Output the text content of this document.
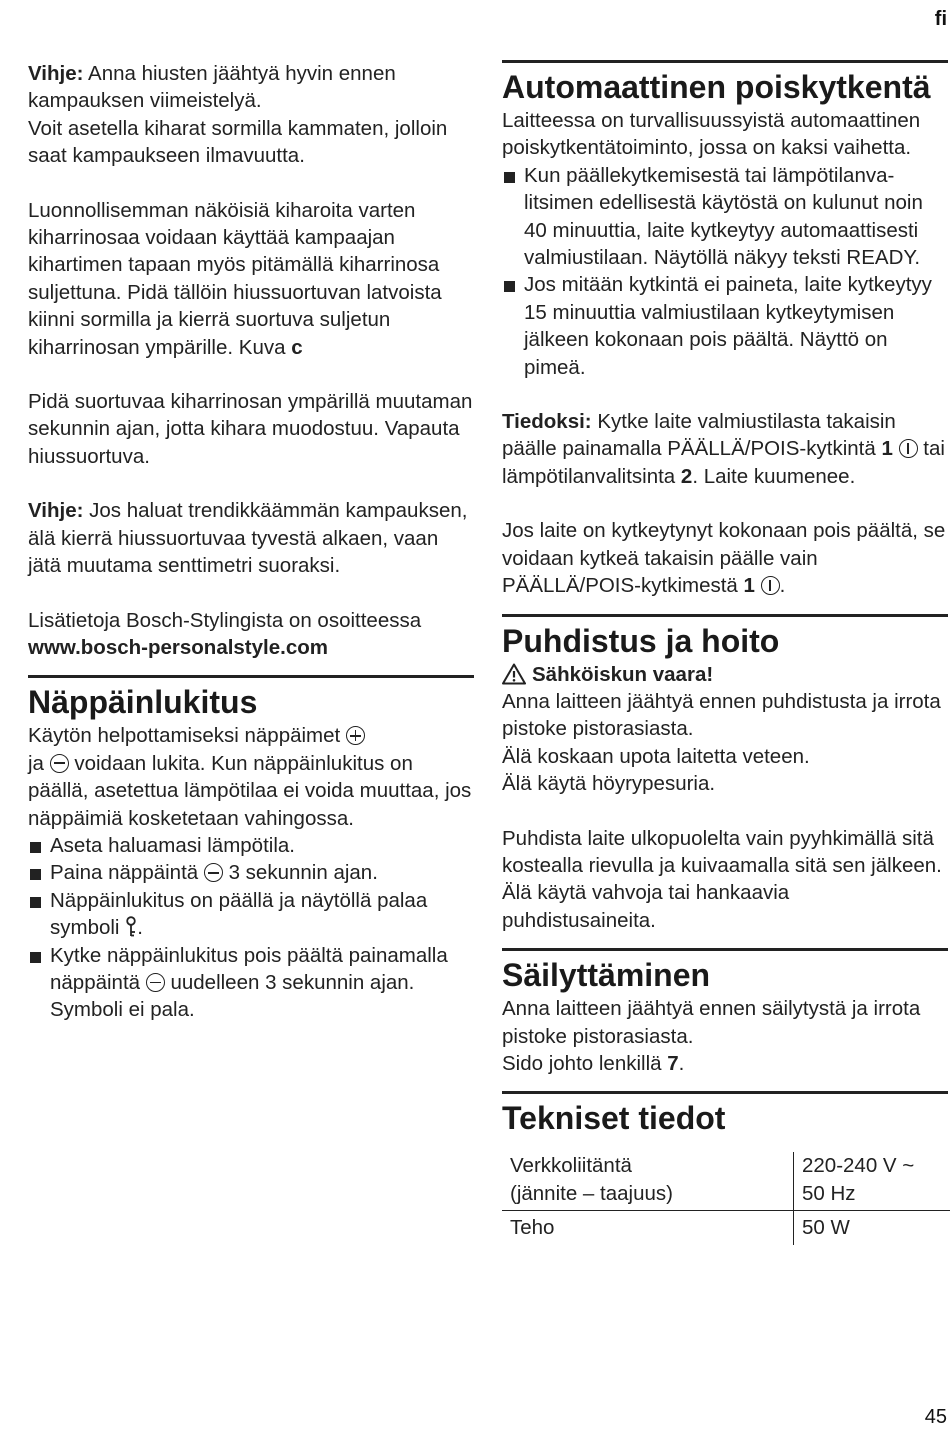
fi

Vihje: Anna hiusten jäähtyä hyvin ennen kampauksen viimeistelyä.
Voit asetella kiharat sormilla kammaten, jolloin saat kampaukseen ilmavuutta.

Luonnollisemman näköisiä kiharoita varten kiharrinosaa voidaan käyttää kampaajan kihartimen tapaan myös pitämällä kiharrinosa suljettuna. Pidä tällöin hiussuortuvan latvoista kiinni sormilla ja kierrä suortuva suljetun kiharrinosan ympärille. Kuva c

Pidä suortuvaa kiharrinosan ympärillä muutaman sekunnin ajan, jotta kihara muodostuu. Vapauta hiussuortuva.

Vihje: Jos haluat trendikkäämmän kampauksen, älä kierrä hiussuortuvaa tyvestä alkaen, vaan jätä muutama senttimetri suoraksi.

Lisätietoja Bosch-Stylingista on osoitteessa
www.bosch-personalstyle.com

Näppäinlukitus

Käytön helpottamiseksi näppäimet
ja  voidaan lukita. Kun näppäinlukitus on päällä, asetettua lämpötilaa ei voida muuttaa, jos näppäimiä kosketetaan vahingossa.

Aseta haluamasi lämpötila.
Paina näppäintä  3 sekunnin ajan.
Näppäinlukitus on päällä ja näytöllä palaa symboli .
Kytke näppäinlukitus pois päältä painamalla näppäintä  uudelleen 3 sekunnin ajan. Symboli ei pala.
Automaattinen poiskytkentä

Laitteessa on turvallisuussyistä automaattinen poiskytkentätoiminto, jossa on kaksi vaihetta.

Kun päällekytkemisestä tai lämpötilanvalitsimen edellisestä käytöstä on kulunut noin 40 minuuttia, laite kytkeytyy automaattisesti valmiustilaan. Näytöllä näkyy teksti READY.
Jos mitään kytkintä ei paineta, laite kytkeytyy 15 minuuttia valmiustilaan kytkeytymisen jälkeen kokonaan pois päältä. Näyttö on pimeä.

Tiedoksi: Kytke laite valmiustilasta takaisin päälle painamalla PÄÄLLÄ/POIS-kytkintä 1  tai lämpötilanvalitsinta 2. Laite kuumenee.

Jos laite on kytkeytynyt kokonaan pois päältä, se voidaan kytkeä takaisin päälle vain PÄÄLLÄ/POIS-kytkimestä 1 .

Puhdistus ja hoito
Sähköiskun vaara!

Anna laitteen jäähtyä ennen puhdistusta ja irrota pistoke pistorasiasta.
Älä koskaan upota laitetta veteen.
Älä käytä höyrypesuria.

Puhdista laite ulkopuolelta vain pyyhkimällä sitä kostealla rievulla ja kuivaamalla sitä sen jälkeen. Älä käytä vahvoja tai hankaavia puhdistusaineita.

Säilyttäminen

Anna laitteen jäähtyä ennen säilytystä ja irrota pistoke pistorasiasta.
Sido johto lenkillä 7.

Tekniset tiedot
Verkkoliitäntä
(jännite – taajuus)	220-240 V ~
50 Hz
Teho	50 W
45
